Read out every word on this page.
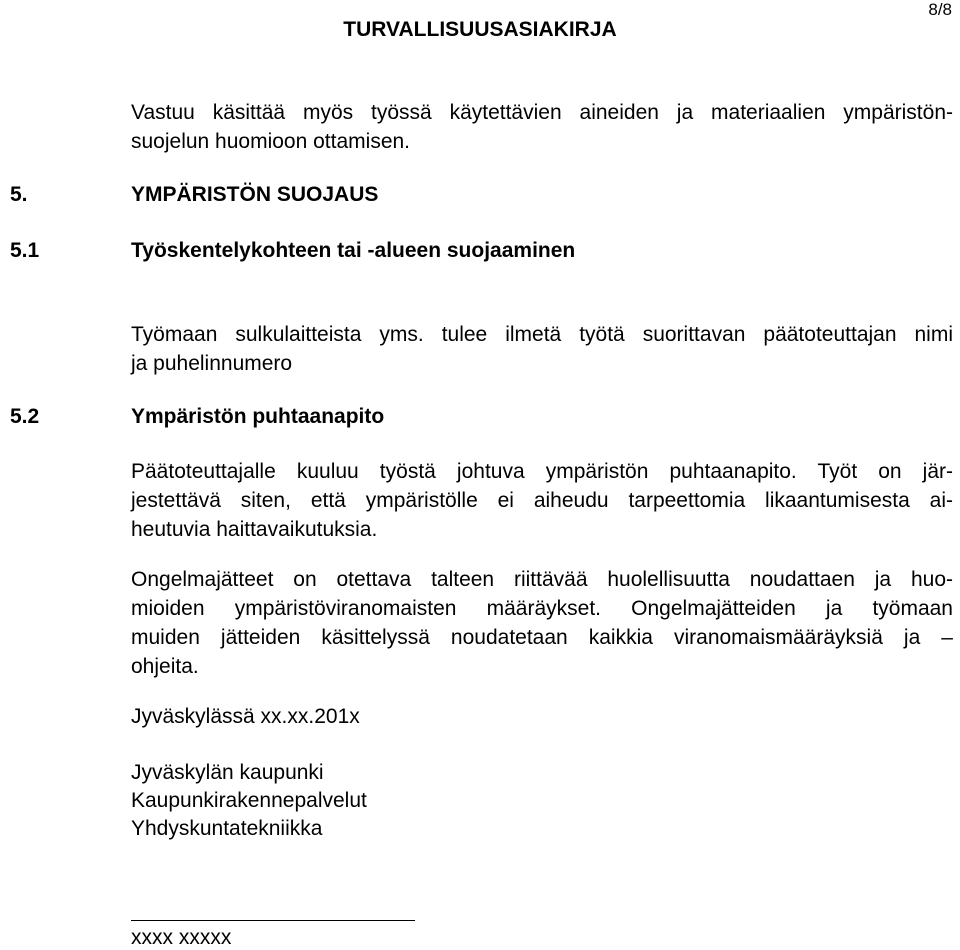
8/8
TURVALLISUUSASIAKIRJA
Vastuu käsittää myös työssä käytettävien aineiden ja materiaalien ympäristön-
suojelun huomioon ottamisen.
5.	YMPÄRISTÖN SUOJAUS
5.1	Työskentelykohteen tai -alueen suojaaminen
Työmaan sulkulaitteista yms. tulee ilmetä työtä suorittavan päätoteuttajan nimi
ja puhelinnumero
5.2	Ympäristön puhtaanapito
Päätoteuttajalle kuuluu työstä johtuva ympäristön puhtaanapito. Työt on jär-
jestettävä siten, että ympäristölle ei aiheudu tarpeettomia likaantumisesta ai-
heutuvia haittavaikutuksia.
Ongelmajätteet on otettava talteen riittävää huolellisuutta noudattaen ja huo-
mioiden ympäristöviranomaisten määräykset. Ongelmajätteiden ja työmaan
muiden jätteiden käsittelyssä noudatetaan kaikkia viranomaismääräyksiä ja –
ohjeita.
Jyväskylässä xx.xx.201x
Jyväskylän kaupunki
Kaupunkirakennepalvelut
Yhdyskuntatekniikka
xxxx xxxxx
